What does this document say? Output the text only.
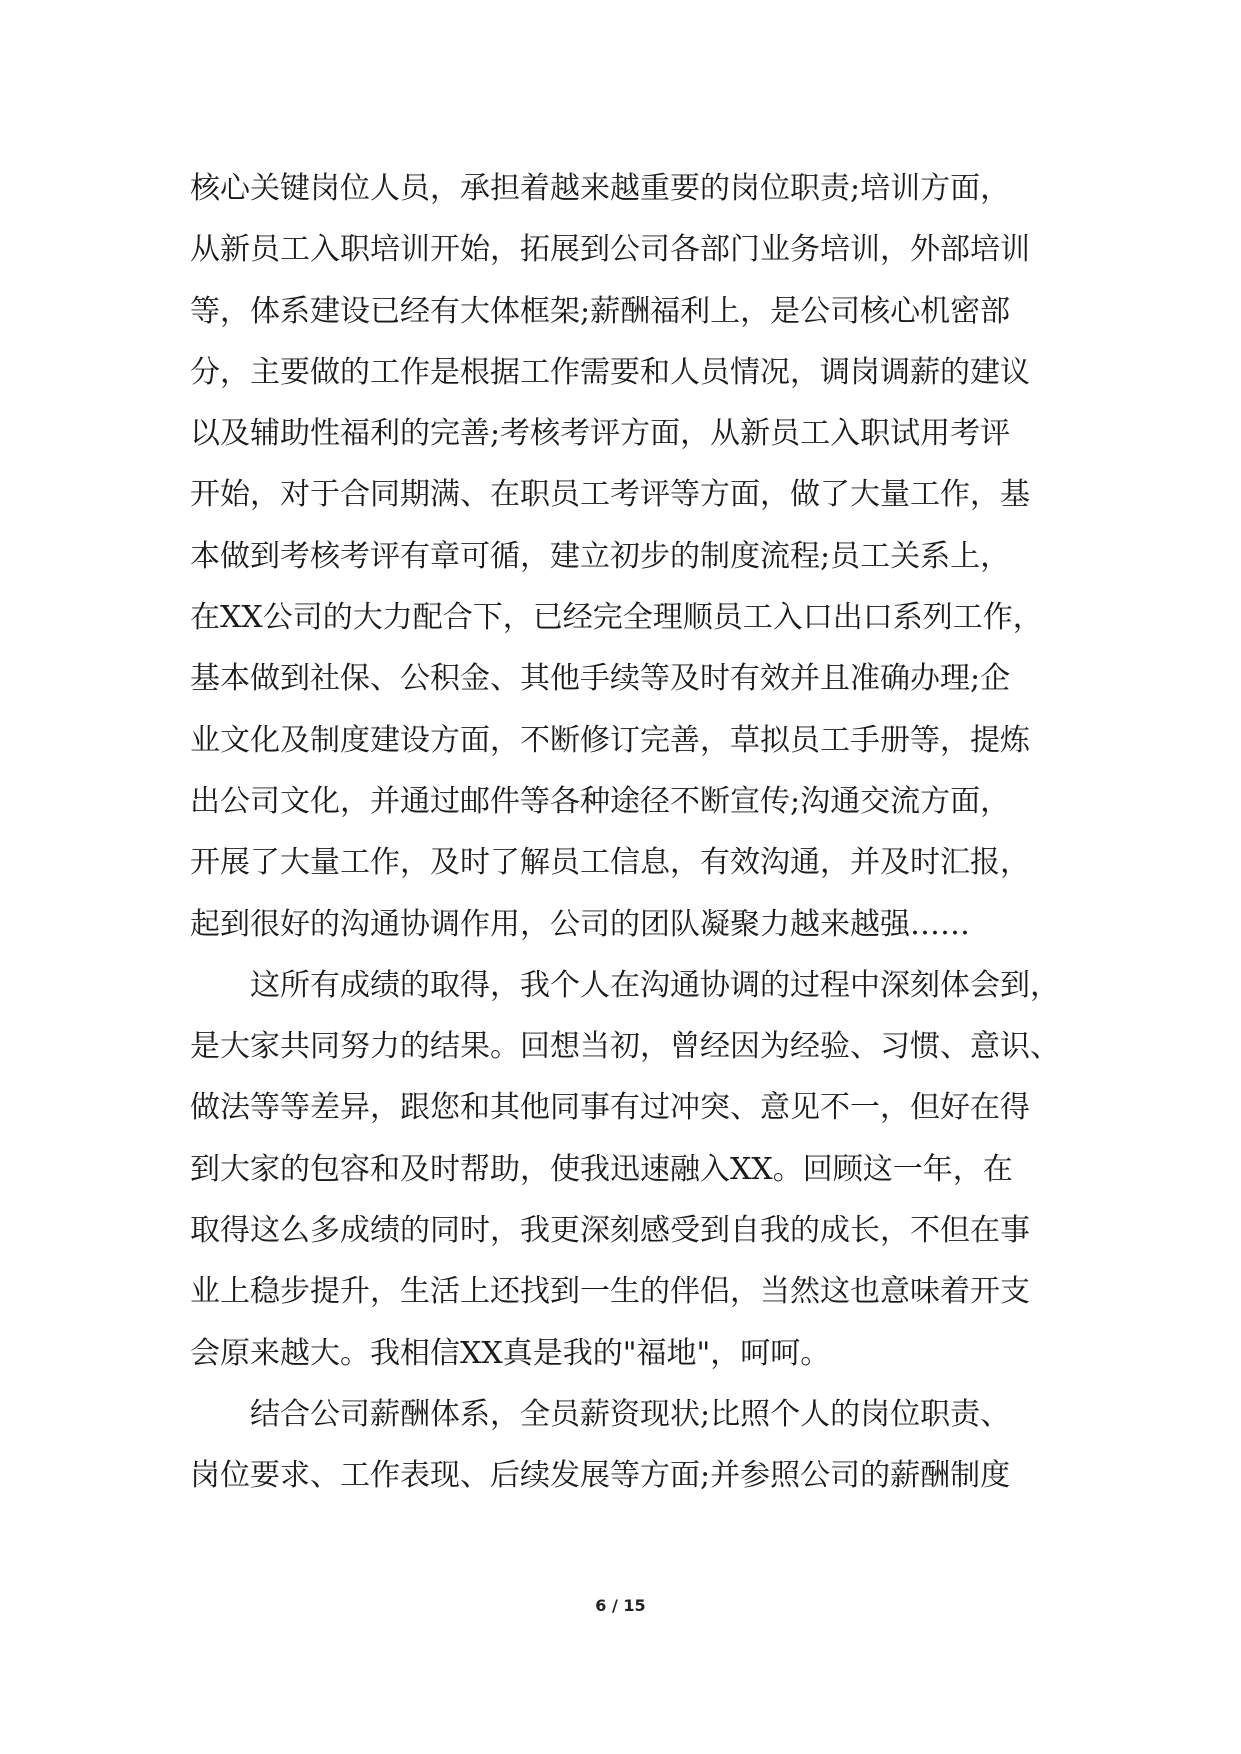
核心关键岗位人员，承担着越来越重要的岗位职责;培训方面，
从新员工入职培训开始，拓展到公司各部门业务培训，外部培训
等，体系建设已经有大体框架;薪酬福利上，是公司核心机密部
分，主要做的工作是根据工作需要和人员情况，调岗调薪的建议
以及辅助性福利的完善;考核考评方面，从新员工入职试用考评
开始，对于合同期满、在职员工考评等方面，做了大量工作，基
本做到考核考评有章可循，建立初步的制度流程;员工关系上，
在XX公司的大力配合下，已经完全理顺员工入口出口系列工作，
基本做到社保、公积金、其他手续等及时有效并且准确办理;企
业文化及制度建设方面，不断修订完善，草拟员工手册等，提炼
出公司文化，并通过邮件等各种途径不断宣传;沟通交流方面，
开展了大量工作，及时了解员工信息，有效沟通，并及时汇报，
起到很好的沟通协调作用，公司的团队凝聚力越来越强……
这所有成绩的取得，我个人在沟通协调的过程中深刻体会到，
是大家共同努力的结果。回想当初，曾经因为经验、习惯、意识、
做法等等差异，跟您和其他同事有过冲突、意见不一，但好在得
到大家的包容和及时帮助，使我迅速融入XX。回顾这一年，在
取得这么多成绩的同时，我更深刻感受到自我的成长，不但在事
业上稳步提升，生活上还找到一生的伴侣，当然这也意味着开支
会原来越大。我相信XX真是我的"福地"，呵呵。
结合公司薪酬体系，全员薪资现状;比照个人的岗位职责、
岗位要求、工作表现、后续发展等方面;并参照公司的薪酬制度
6 / 15
